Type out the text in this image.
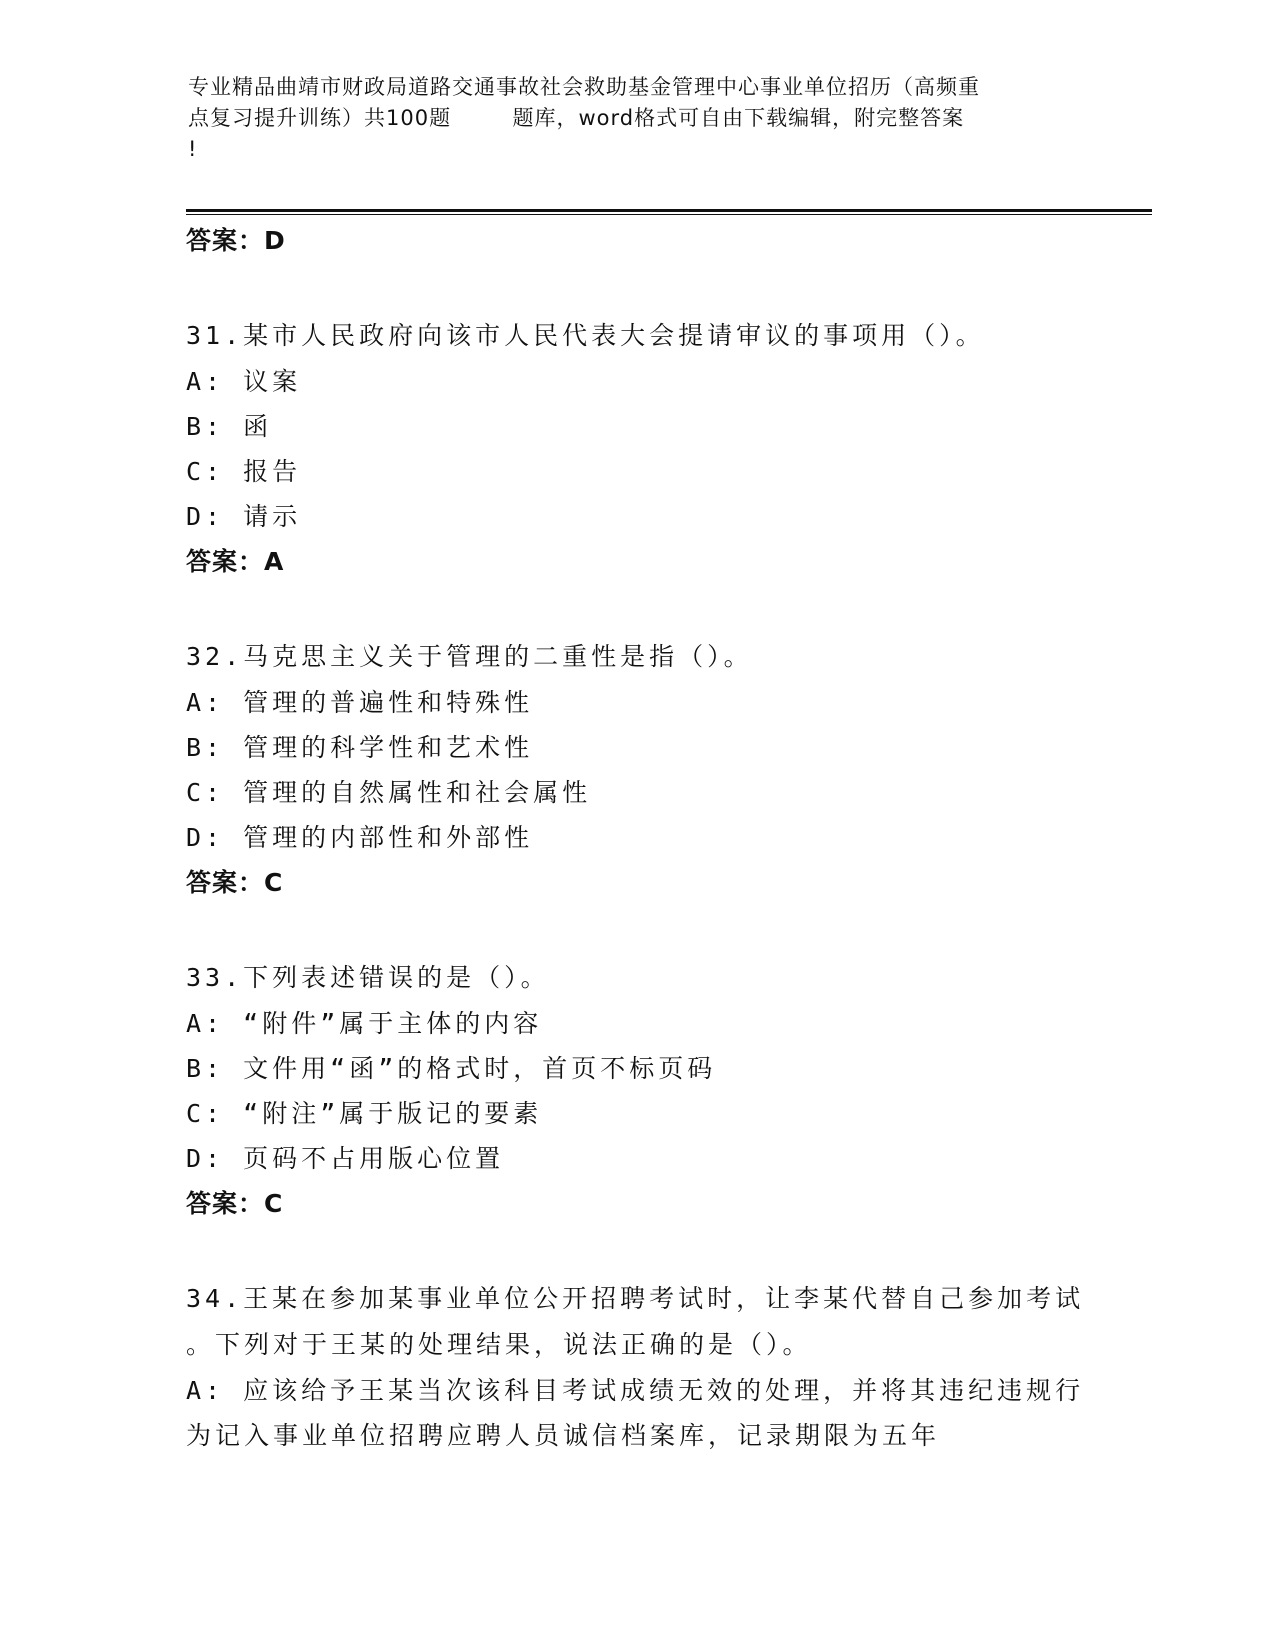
专业精品曲靖市财政局道路交通事故社会救助基金管理中心事业单位招历（高频重
点复习提升训练）共100题        题库，word格式可自由下载编辑，附完整答案
!
答案：D
31.某市人民政府向该市人民代表大会提请审议的事项用（）。
A: 议案
B: 函
C: 报告
D: 请示
答案：A
32.马克思主义关于管理的二重性是指（）。
A: 管理的普遍性和特殊性
B: 管理的科学性和艺术性
C: 管理的自然属性和社会属性
D: 管理的内部性和外部性
答案：C
33.下列表述错误的是（）。
A: “附件”属于主体的内容
B: 文件用“函”的格式时，首页不标页码
C: “附注”属于版记的要素
D: 页码不占用版心位置
答案：C
34.王某在参加某事业单位公开招聘考试时，让李某代替自己参加考试
。下列对于王某的处理结果，说法正确的是（）。
A: 应该给予王某当次该科目考试成绩无效的处理，并将其违纪违规行
为记入事业单位招聘应聘人员诚信档案库，记录期限为五年
